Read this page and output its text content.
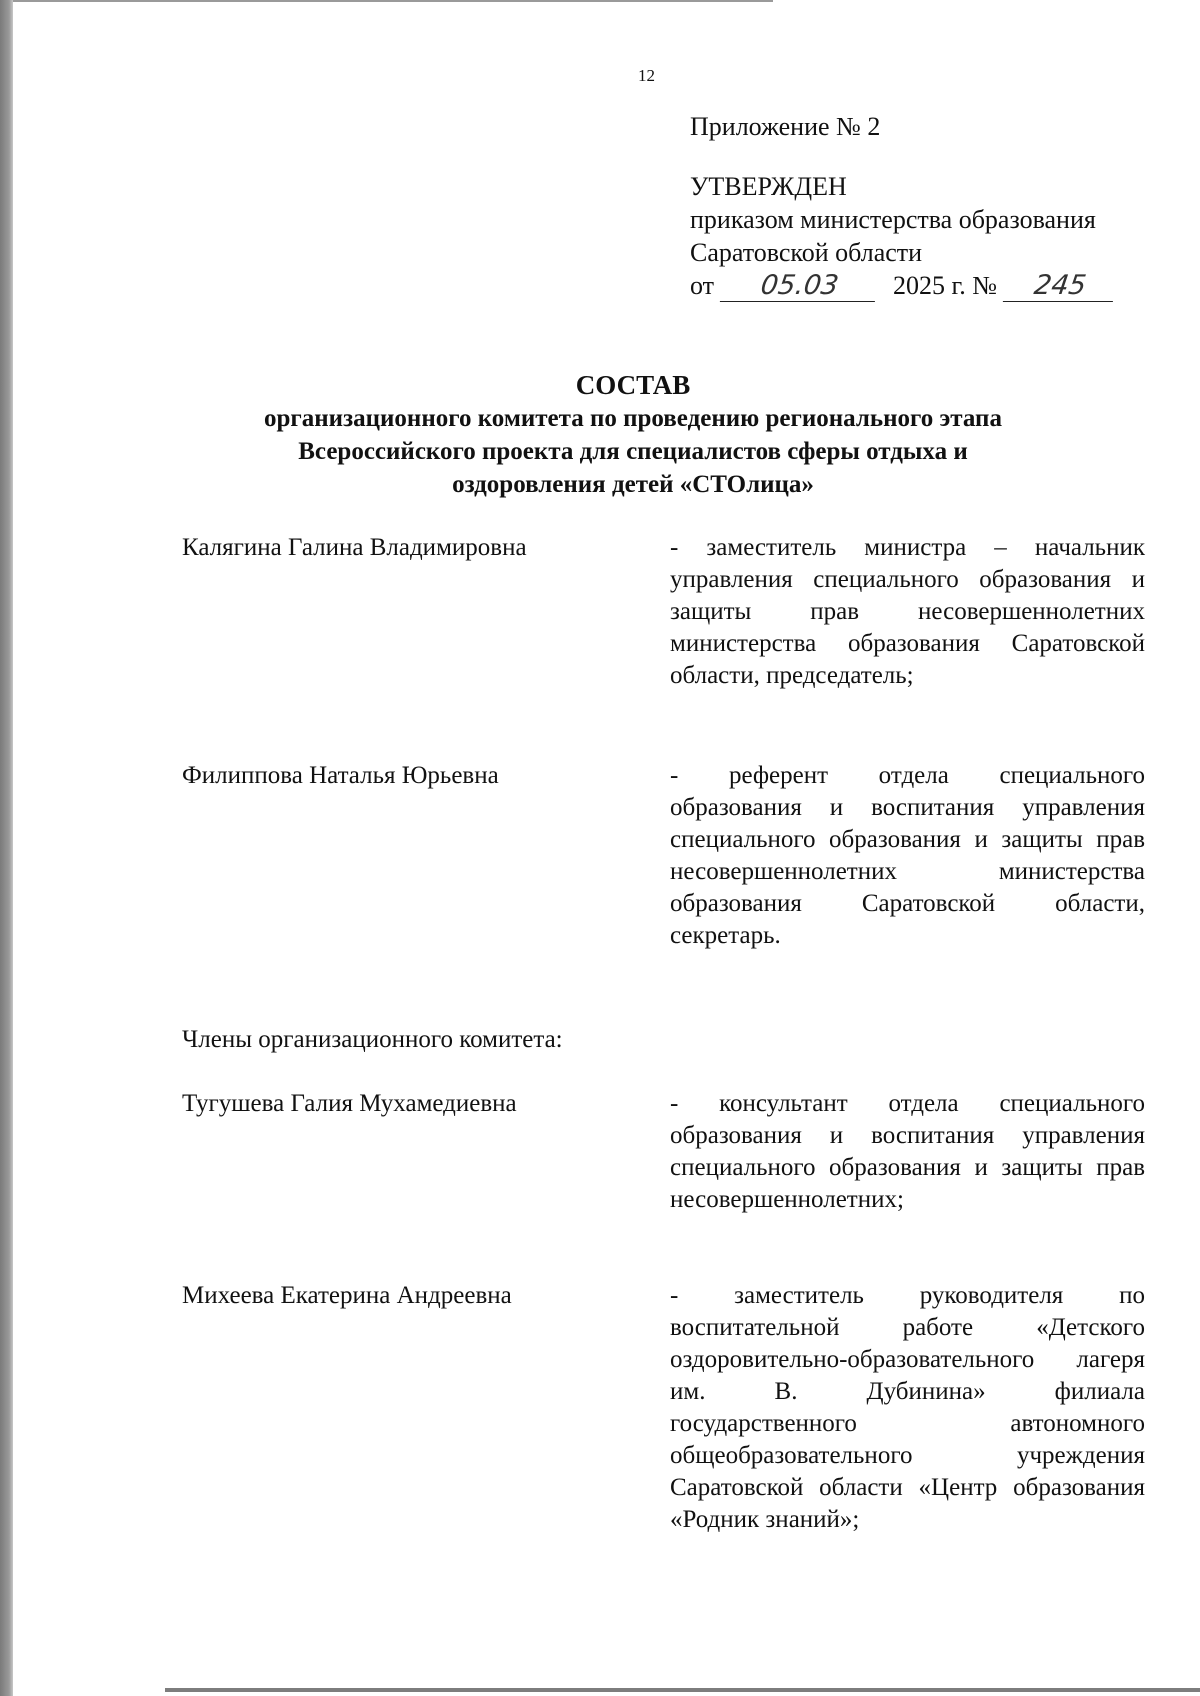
12
Приложение № 2
УТВЕРЖДЕН
приказом министерства образования
Саратовской области
от	05.03	2025 г. №	245
СОСТАВ
организационного комитета по проведению регионального этапа
Всероссийского проекта для специалистов сферы отдыха и
оздоровления детей «СТОлица»
Калягина Галина Владимировна	- заместитель министра – начальник управления специального образования и защиты прав несовершеннолетних министерства образования Саратовской области, председатель;
Филиппова Наталья Юрьевна	- референт отдела специального образования и воспитания управления специального образования и защиты прав несовершеннолетних министерства образования Саратовской области, секретарь.
Члены организационного комитета:
Тугушева Галия Мухамедиевна	- консультант отдела специального образования и воспитания управления специального образования и защиты прав несовершеннолетних;
Михеева Екатерина Андреевна	- заместитель руководителя по воспитательной работе «Детского оздоровительно-образовательного лагеря им. В. Дубинина» филиала государственного автономного общеобразовательного учреждения Саратовской области «Центр образования «Родник знаний»;
